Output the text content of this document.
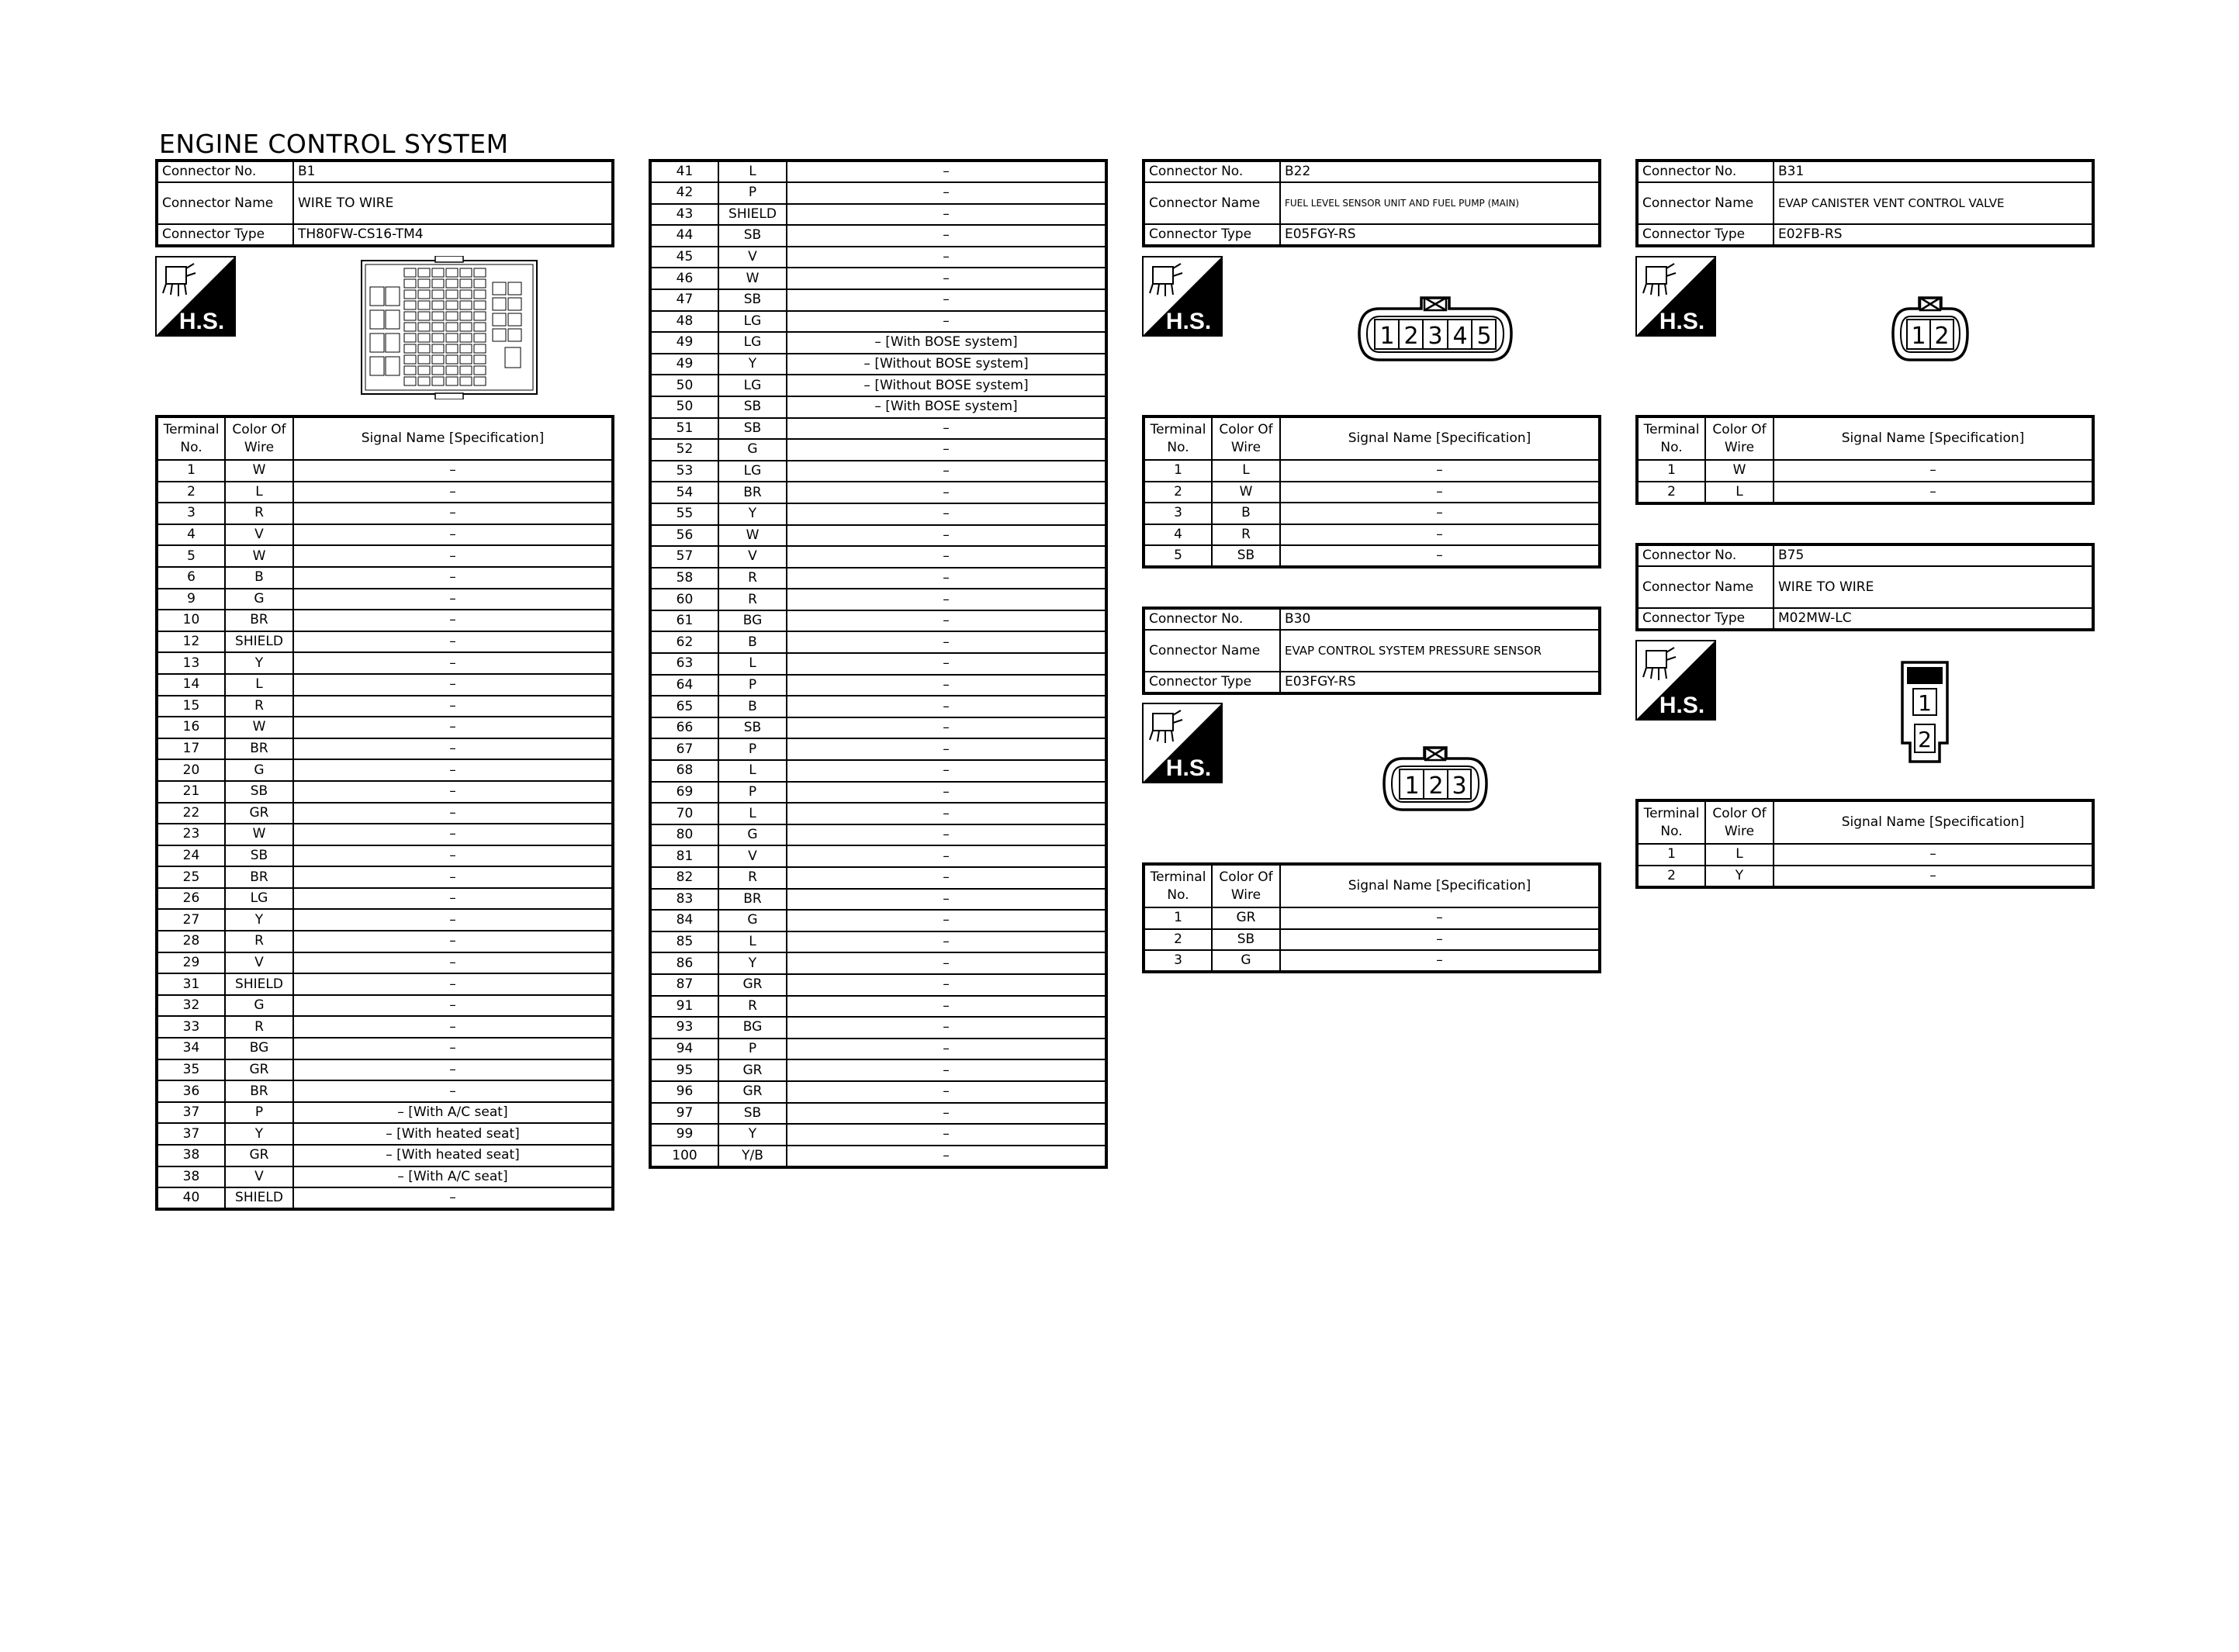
ENGINE CONTROL SYSTEM
Connector No.	B1
Connector Name	WIRE TO WIRE
Connector Type	TH80FW-CS16-TM4
H.S.	H.S.	H.S.
H.S.
H.S.
Terminal No.	Color Of Wire	Signal Name [Specification]
1	W	–
2	L	–
3	R	–
4	V	–
5	W	–
6	B	–
9	G	–
10	BR	–
12	SHIELD	–
13	Y	–
14	L	–
15	R	–
16	W	–
17	BR	–
20	G	–
21	SB	–
22	GR	–
23	W	–
24	SB	–
25	BR	–
26	LG	–
27	Y	–
28	R	–
29	V	–
31	SHIELD	–
32	G	–
33	R	–
34	BG	–
35	GR	–
36	BR	–
37	P	– [With A/C seat]
37	Y	– [With heated seat]
38	GR	– [With heated seat]
38	V	– [With A/C seat]
40	SHIELD	–
41	L	–
42	P	–
43	SHIELD	–
44	SB	–
45	V	–
46	W	–
47	SB	–
48	LG	–
49	LG	– [With BOSE system]
49	Y	– [Without BOSE system]
50	LG	– [Without BOSE system]
50	SB	– [With BOSE system]
51	SB	–
52	G	–
53	LG	–
54	BR	–
55	Y	–
56	W	–
57	V	–
58	R	–
60	R	–
61	BG	–
62	B	–
63	L	–
64	P	–
65	B	–
66	SB	–
67	P	–
68	L	–
69	P	–
70	L	–
80	G	–
81	V	–
82	R	–
83	BR	–
84	G	–
85	L	–
86	Y	–
87	GR	–
91	R	–
93	BG	–
94	P	–
95	GR	–
96	GR	–
97	SB	–
99	Y	–
100	Y/B	–
Connector No.	B22
Connector Name	FUEL LEVEL SENSOR UNIT AND FUEL PUMP (MAIN)
Connector Type	E05FGY-RS
1 2 3 4 5
Terminal No.	Color Of Wire	Signal Name [Specification]
1	L	–
2	W	–
3	B	–
4	R	–
5	SB	–
Connector No.	B30
Connector Name	EVAP CONTROL SYSTEM PRESSURE SENSOR
Connector Type	E03FGY-RS
1 2 3
Terminal No.	Color Of Wire	Signal Name [Specification]
1	GR	–
2	SB	–
3	G	–
Connector No.	B31
Connector Name	EVAP CANISTER VENT CONTROL VALVE
Connector Type	E02FB-RS
1 2
Terminal No.	Color Of Wire	Signal Name [Specification]
1	W	–
2	L	–
Connector No.	B75
Connector Name	WIRE TO WIRE
Connector Type	M02MW-LC
1
2
Terminal No.	Color Of Wire	Signal Name [Specification]
1	L	–
2	Y	–
